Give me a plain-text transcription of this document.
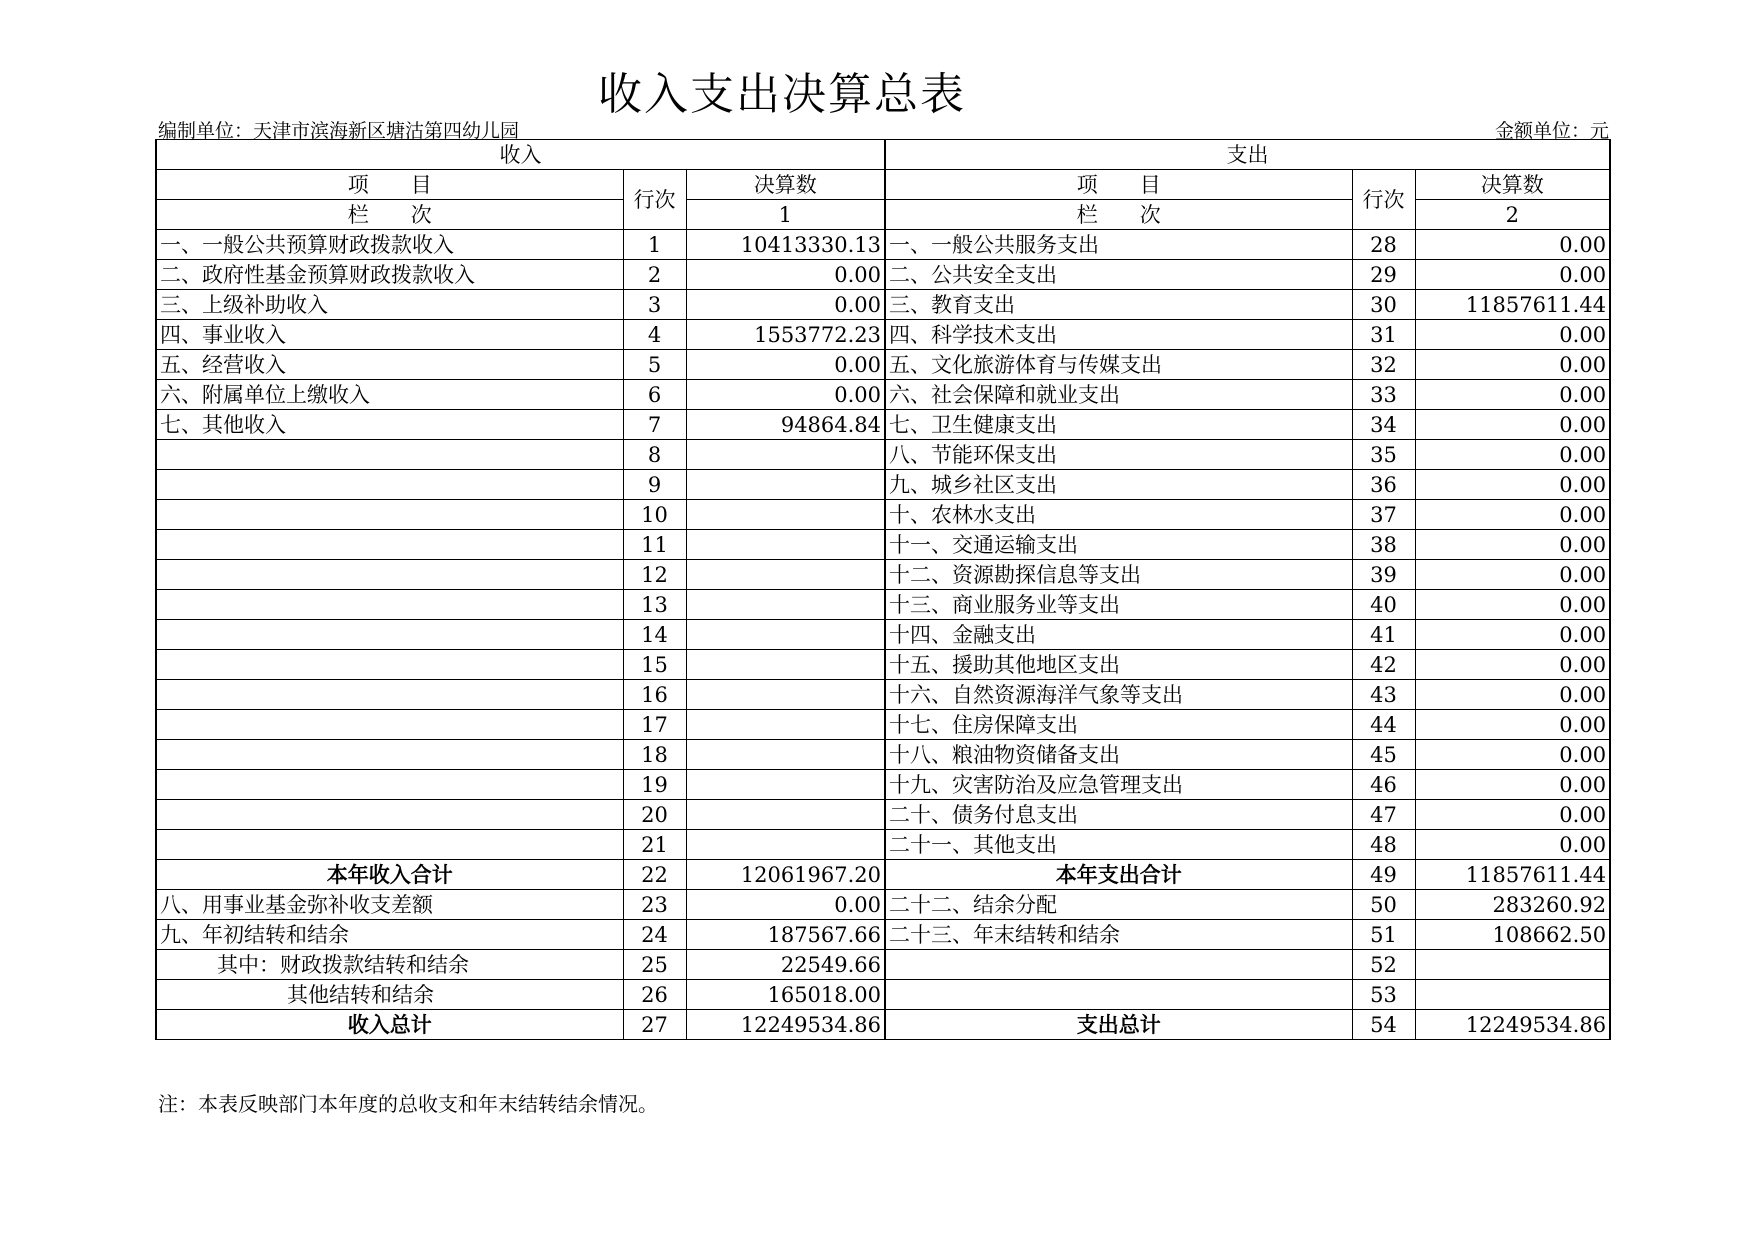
收入支出决算总表
编制单位：天津市滨海新区塘沽第四幼儿园	金额单位：元
收入			支出		
项　　目	行次	决算数	项　　目	行次	决算数
栏　　次		1	栏　　次		2
一、一般公共预算财政拨款收入	1	10413330.13	一、一般公共服务支出	28	0.00
二、政府性基金预算财政拨款收入	2	0.00	二、公共安全支出	29	0.00
三、上级补助收入	3	0.00	三、教育支出	30	11857611.44
四、事业收入	4	1553772.23	四、科学技术支出	31	0.00
五、经营收入	5	0.00	五、文化旅游体育与传媒支出	32	0.00
六、附属单位上缴收入	6	0.00	六、社会保障和就业支出	33	0.00
七、其他收入	7	94864.84	七、卫生健康支出	34	0.00
	8		八、节能环保支出	35	0.00
	9		九、城乡社区支出	36	0.00
	10		十、农林水支出	37	0.00
	11		十一、交通运输支出	38	0.00
	12		十二、资源勘探信息等支出	39	0.00
	13		十三、商业服务业等支出	40	0.00
	14		十四、金融支出	41	0.00
	15		十五、援助其他地区支出	42	0.00
	16		十六、自然资源海洋气象等支出	43	0.00
	17		十七、住房保障支出	44	0.00
	18		十八、粮油物资储备支出	45	0.00
	19		十九、灾害防治及应急管理支出	46	0.00
	20		二十、债务付息支出	47	0.00
	21		二十一、其他支出	48	0.00
本年收入合计	22	12061967.20	本年支出合计	49	11857611.44
八、用事业基金弥补收支差额	23	0.00	二十二、结余分配	50	283260.92
九、年初结转和结余	24	187567.66	二十三、年末结转和结余	51	108662.50
其中：财政拨款结转和结余	25	22549.66		52	
其他结转和结余	26	165018.00		53	
收入总计	27	12249534.86	支出总计	54	12249534.86
注：本表反映部门本年度的总收支和年末结转结余情况。
